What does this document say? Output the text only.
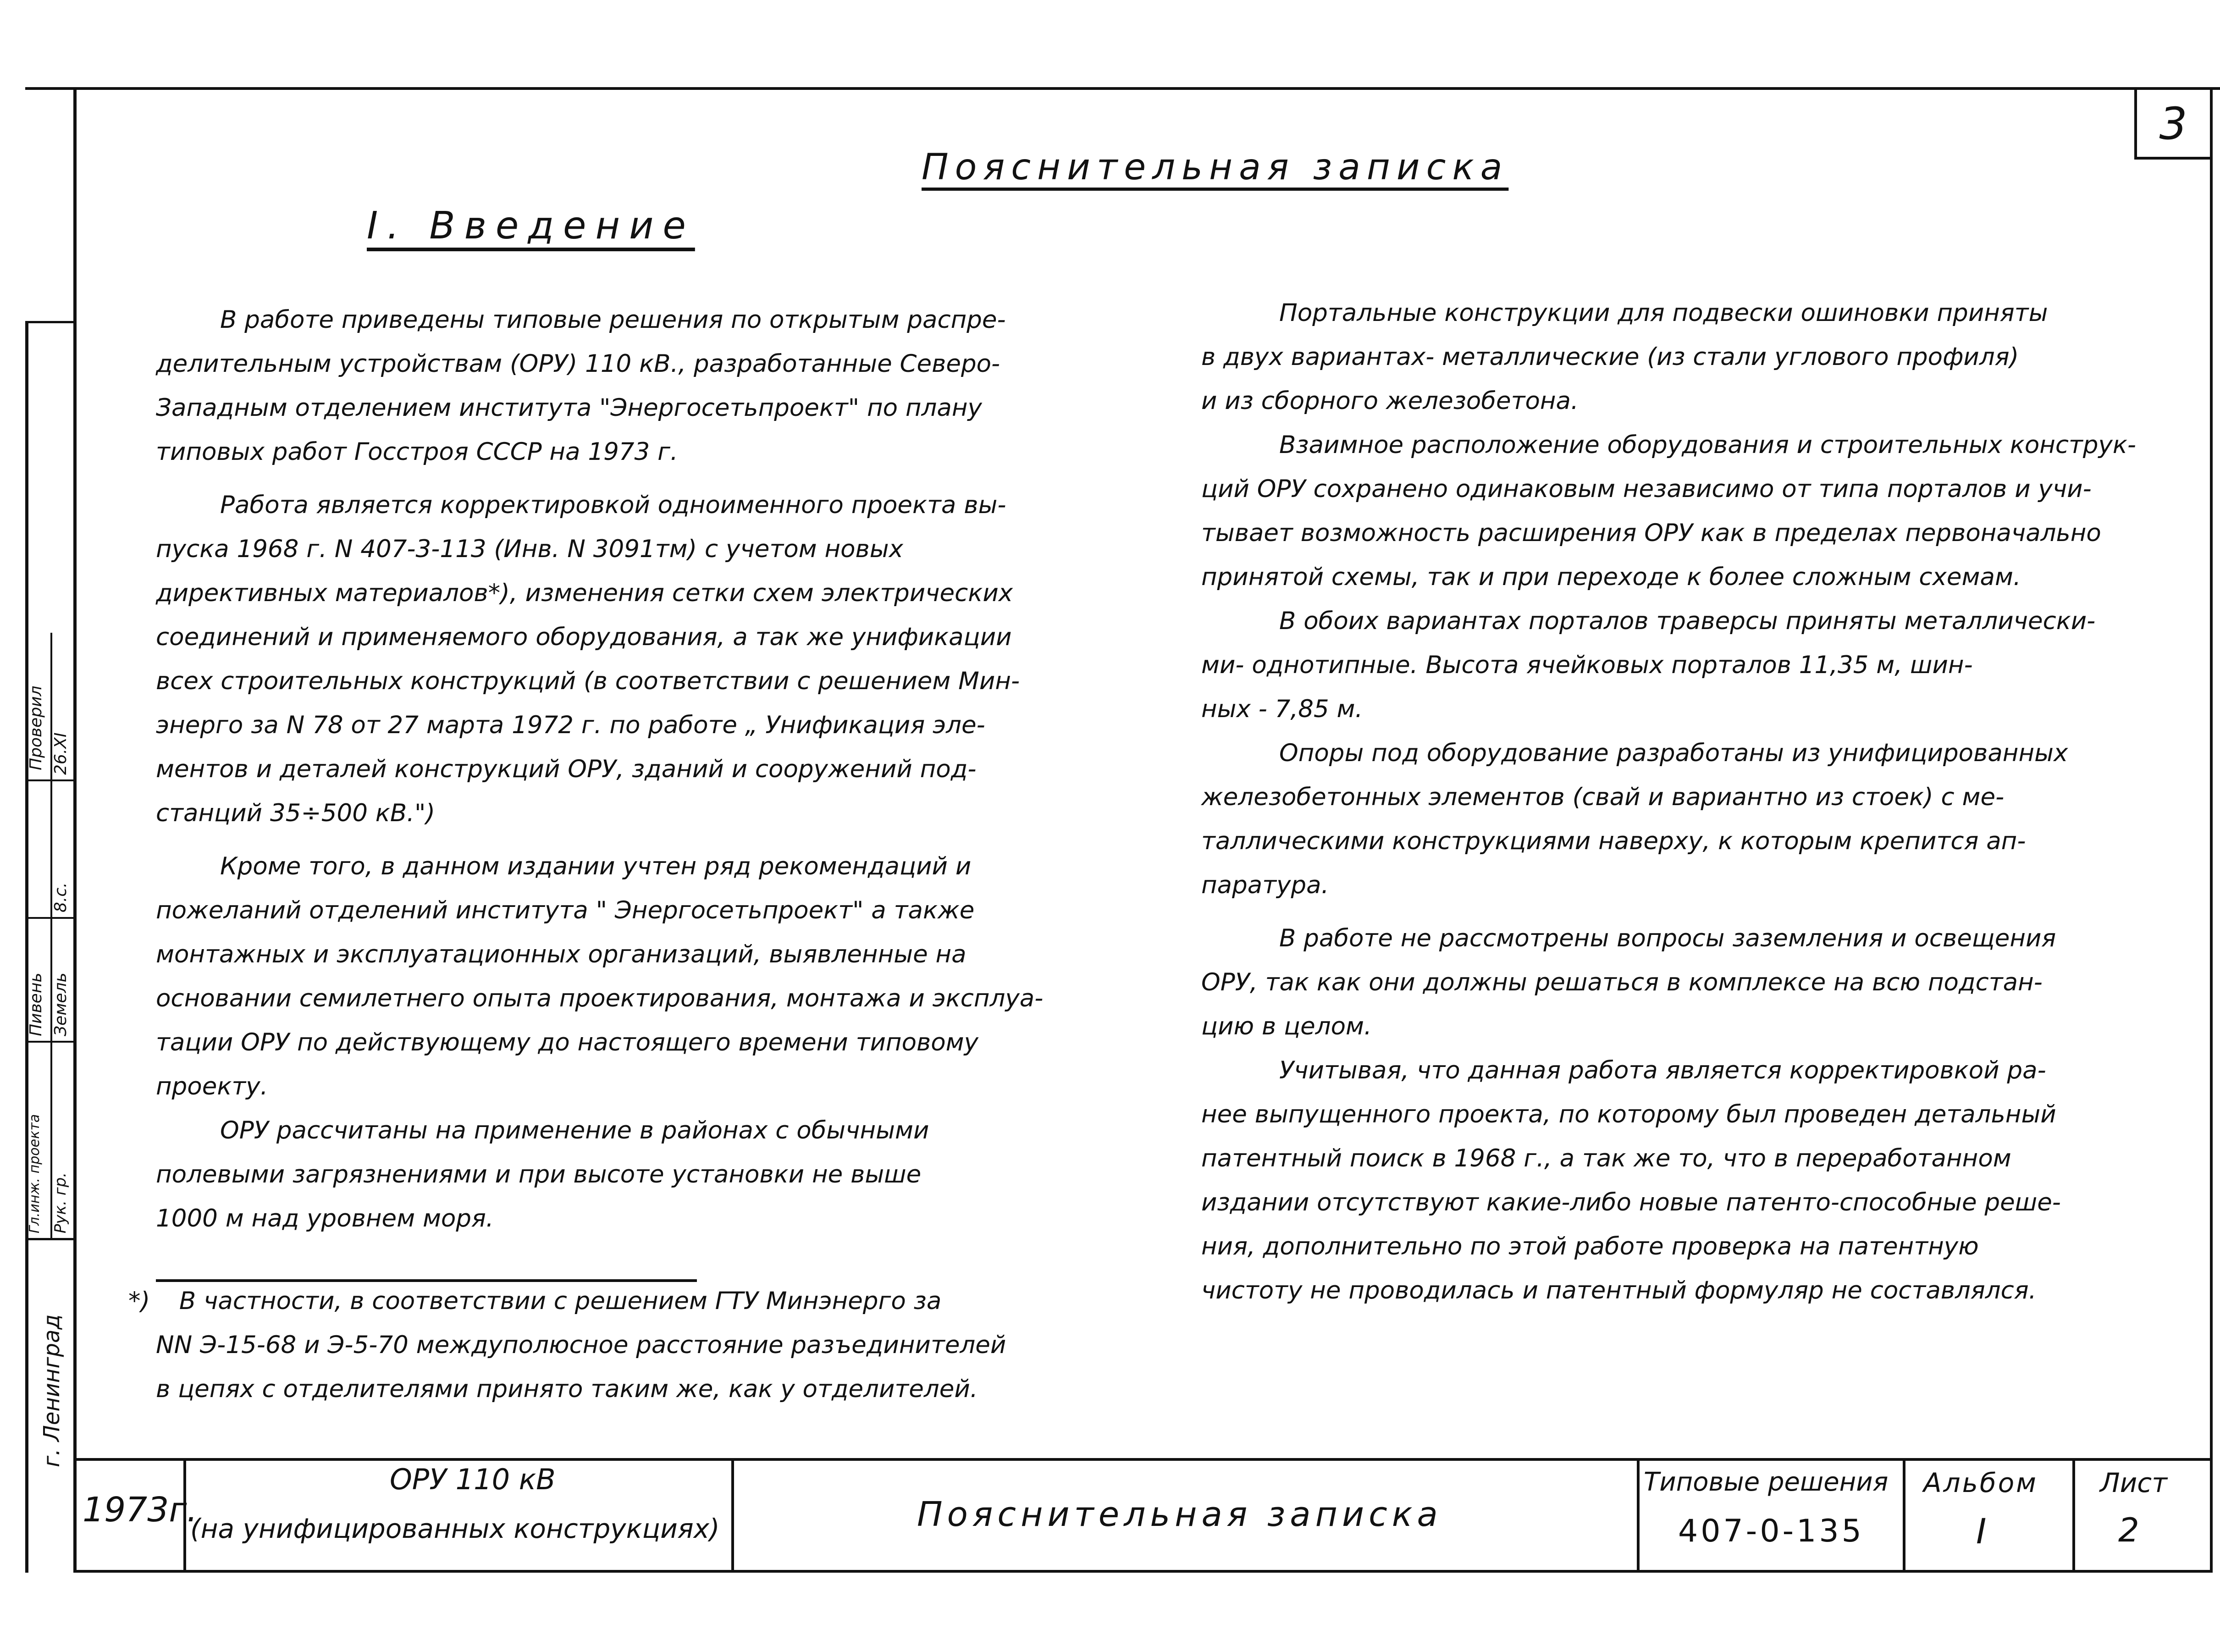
3
Пояснительная записка
I. Введение
В работе приведены типовые решения по открытым распре-
делительным устройствам (ОРУ) 110 кВ., разработанные Северо-
Западным отделением института "Энергосетьпроект" по плану
типовых работ Госстроя СССР на 1973 г.
Работа является корректировкой одноименного проекта вы-
пуска 1968 г. N 407-3-113 (Инв. N 3091тм) с учетом новых
директивных материалов*), изменения сетки схем электрических
соединений и применяемого оборудования, а так же унификации
всех строительных конструкций (в соответствии с решением Мин-
энерго за N 78 от 27 марта 1972 г. по работе „ Унификация эле-
ментов и деталей конструкций ОРУ, зданий и сооружений под-
станций 35÷500 кВ.")
Кроме того, в данном издании учтен ряд рекомендаций и
пожеланий отделений института " Энергосетьпроект" а также
монтажных и эксплуатационных организаций, выявленные на
основании семилетнего опыта проектирования, монтажа и эксплуа-
тации ОРУ по действующему до настоящего времени типовому
проекту.
ОРУ рассчитаны на применение в районах с обычными
полевыми загрязнениями и при высоте установки не выше
1000 м над уровнем моря.
*) В частности, в соответствии с решением ГТУ Минэнерго за
NN Э-15-68 и Э-5-70 междуполюсное расстояние разъединителей
в цепях с отделителями принято таким же, как у отделителей.
Портальные конструкции для подвески ошиновки приняты
в двух вариантах- металлические (из стали углового профиля)
и из сборного железобетона.
Взаимное расположение оборудования и строительных конструк-
ций ОРУ сохранено одинаковым независимо от типа порталов и учи-
тывает возможность расширения ОРУ как в пределах первоначально
принятой схемы, так и при переходе к более сложным схемам.
В обоих вариантах порталов траверсы приняты металлически-
ми- однотипные. Высота ячейковых порталов 11,35 м, шин-
ных - 7,85 м.
Опоры под оборудование разработаны из унифицированных
железобетонных элементов (свай и вариантно из стоек) с ме-
таллическими конструкциями наверху, к которым крепится ап-
паратура.
В работе не рассмотрены вопросы заземления и освещения
ОРУ, так как они должны решаться в комплексе на всю подстан-
цию в целом.
Учитывая, что данная работа является корректировкой ра-
нее выпущенного проекта, по которому был проведен детальный
патентный поиск в 1968 г., а так же то, что в переработанном
издании отсутствуют какие-либо новые патенто-способные реше-
ния, дополнительно по этой работе проверка на патентную
чистоту не проводилась и патентный формуляр не составлялся.
1973г.
ОРУ 110 кВ
(на унифицированных конструкциях)	Пояснительная записка
Типовые решения
407-0-135
Альбом
I
Лист
2
г. Ленинград
Проверил
Рук. гр.
Гл.инж. проекта
Пивень Земель
8.с.
26.XI
